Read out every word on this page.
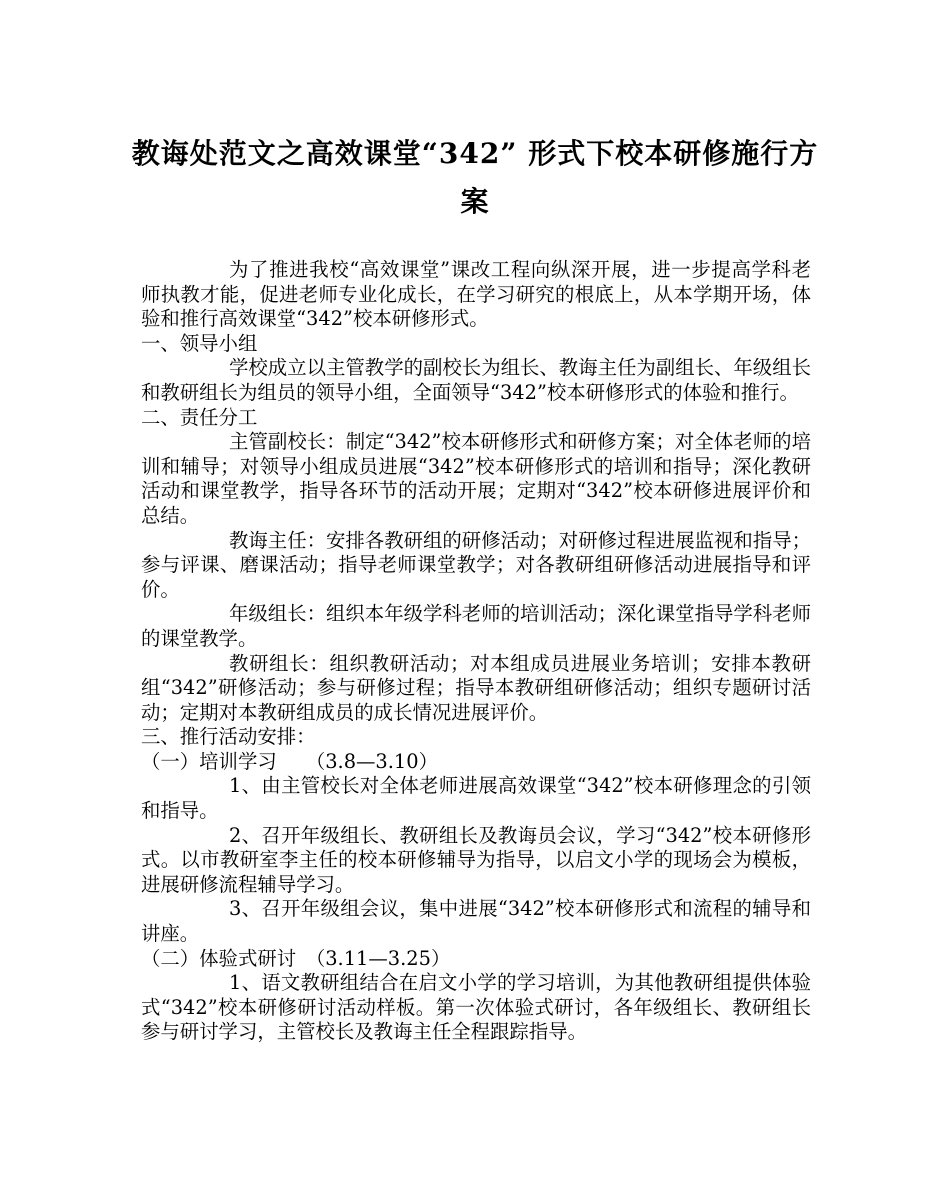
教诲处范文之高效课堂“342” 形式下校本研修施行方
案

为了推进我校“高效课堂”课改工程向纵深开展，进一步提高学科老师执教才能，促进老师专业化成长，在学习研究的根底上，从本学期开场，体验和推行高效课堂“342”校本研修形式。

一、领导小组

学校成立以主管教学的副校长为组长、教诲主任为副组长、年级组长和教研组长为组员的领导小组，全面领导“342”校本研修形式的体验和推行。

二、责任分工

主管副校长：制定“342”校本研修形式和研修方案；对全体老师的培训和辅导；对领导小组成员进展“342”校本研修形式的培训和指导；深化教研活动和课堂教学，指导各环节的活动开展；定期对“342”校本研修进展评价和总结。

教诲主任：安排各教研组的研修活动；对研修过程进展监视和指导；参与评课、磨课活动；指导老师课堂教学；对各教研组研修活动进展指导和评价。

年级组长：组织本年级学科老师的培训活动；深化课堂指导学科老师的课堂教学。

教研组长：组织教研活动；对本组成员进展业务培训；安排本教研组“342”研修活动；参与研修过程；指导本教研组研修活动；组织专题研讨活动；定期对本教研组成员的成长情况进展评价。

三、推行活动安排：

（一）培训学习　　（3.8—3.10）

1、由主管校长对全体老师进展高效课堂“342”校本研修理念的引领和指导。

2、召开年级组长、教研组长及教诲员会议，学习“342”校本研修形式。以市教研室李主任的校本研修辅导为指导，以启文小学的现场会为模板，进展研修流程辅导学习。

3、召开年级组会议，集中进展“342”校本研修形式和流程的辅导和讲座。

（二）体验式研讨　（3.11—3.25）

1、语文教研组结合在启文小学的学习培训，为其他教研组提供体验式“342”校本研修研讨活动样板。第一次体验式研讨，各年级组长、教研组长参与研讨学习，主管校长及教诲主任全程跟踪指导。
